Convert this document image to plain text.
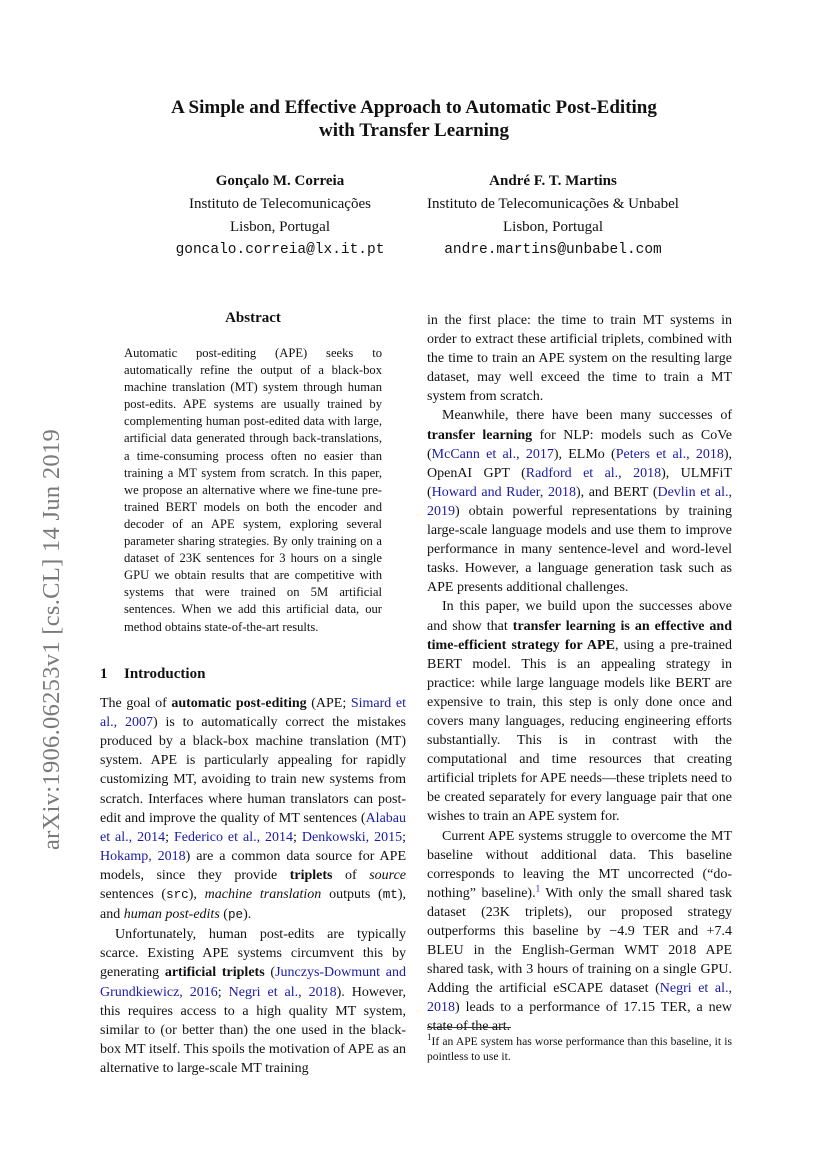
arXiv:1906.06253v1 [cs.CL] 14 Jun 2019
A Simple and Effective Approach to Automatic Post-Editing
with Transfer Learning
Gonçalo M. Correia
Instituto de Telecomunicações
Lisbon, Portugal
goncalo.correia@lx.it.pt
André F. T. Martins
Instituto de Telecomunicações & Unbabel
Lisbon, Portugal
andre.martins@unbabel.com
Abstract
Automatic post-editing (APE) seeks to automatically refine the output of a black-box machine translation (MT) system through human post-edits. APE systems are usually trained by complementing human post-edited data with large, artificial data generated through back-translations, a time-consuming process often no easier than training a MT system from scratch. In this paper, we propose an alternative where we fine-tune pre-trained BERT models on both the encoder and decoder of an APE system, exploring several parameter sharing strategies. By only training on a dataset of 23K sentences for 3 hours on a single GPU we obtain results that are competitive with systems that were trained on 5M artificial sentences. When we add this artificial data, our method obtains state-of-the-art results.
1 Introduction

The goal of automatic post-editing (APE; Simard et al., 2007) is to automatically correct the mistakes produced by a black-box machine translation (MT) system. APE is particularly appealing for rapidly customizing MT, avoiding to train new systems from scratch. Interfaces where human translators can post-edit and improve the quality of MT sentences (Alabau et al., 2014; Federico et al., 2014; Denkowski, 2015; Hokamp, 2018) are a common data source for APE models, since they provide triplets of source sentences (src), machine translation outputs (mt), and human post-edits (pe).

Unfortunately, human post-edits are typically scarce. Existing APE systems circumvent this by generating artificial triplets (Junczys-Dowmunt and Grundkiewicz, 2016; Negri et al., 2018). However, this requires access to a high quality MT system, similar to (or better than) the one used in the black-box MT itself. This spoils the motivation of APE as an alternative to large-scale MT training

in the first place: the time to train MT systems in order to extract these artificial triplets, combined with the time to train an APE system on the resulting large dataset, may well exceed the time to train a MT system from scratch.

Meanwhile, there have been many successes of transfer learning for NLP: models such as CoVe (McCann et al., 2017), ELMo (Peters et al., 2018), OpenAI GPT (Radford et al., 2018), ULMFiT (Howard and Ruder, 2018), and BERT (Devlin et al., 2019) obtain powerful representations by training large-scale language models and use them to improve performance in many sentence-level and word-level tasks. However, a language generation task such as APE presents additional challenges.

In this paper, we build upon the successes above and show that transfer learning is an effective and time-efficient strategy for APE, using a pre-trained BERT model. This is an appealing strategy in practice: while large language models like BERT are expensive to train, this step is only done once and covers many languages, reducing engineering efforts substantially. This is in contrast with the computational and time resources that creating artificial triplets for APE needs—these triplets need to be created separately for every language pair that one wishes to train an APE system for.

Current APE systems struggle to overcome the MT baseline without additional data. This baseline corresponds to leaving the MT uncorrected (“do-nothing” baseline).$^1$ With only the small shared task dataset (23K triplets), our proposed strategy outperforms this baseline by −4.9 TER and +7.4 BLEU in the English-German WMT 2018 APE shared task, with 3 hours of training on a single GPU. Adding the artificial eSCAPE dataset (Negri et al., 2018) leads to a performance of 17.15 TER, a new state of the art.

$^1$If an APE system has worse performance than this baseline, it is pointless to use it.
